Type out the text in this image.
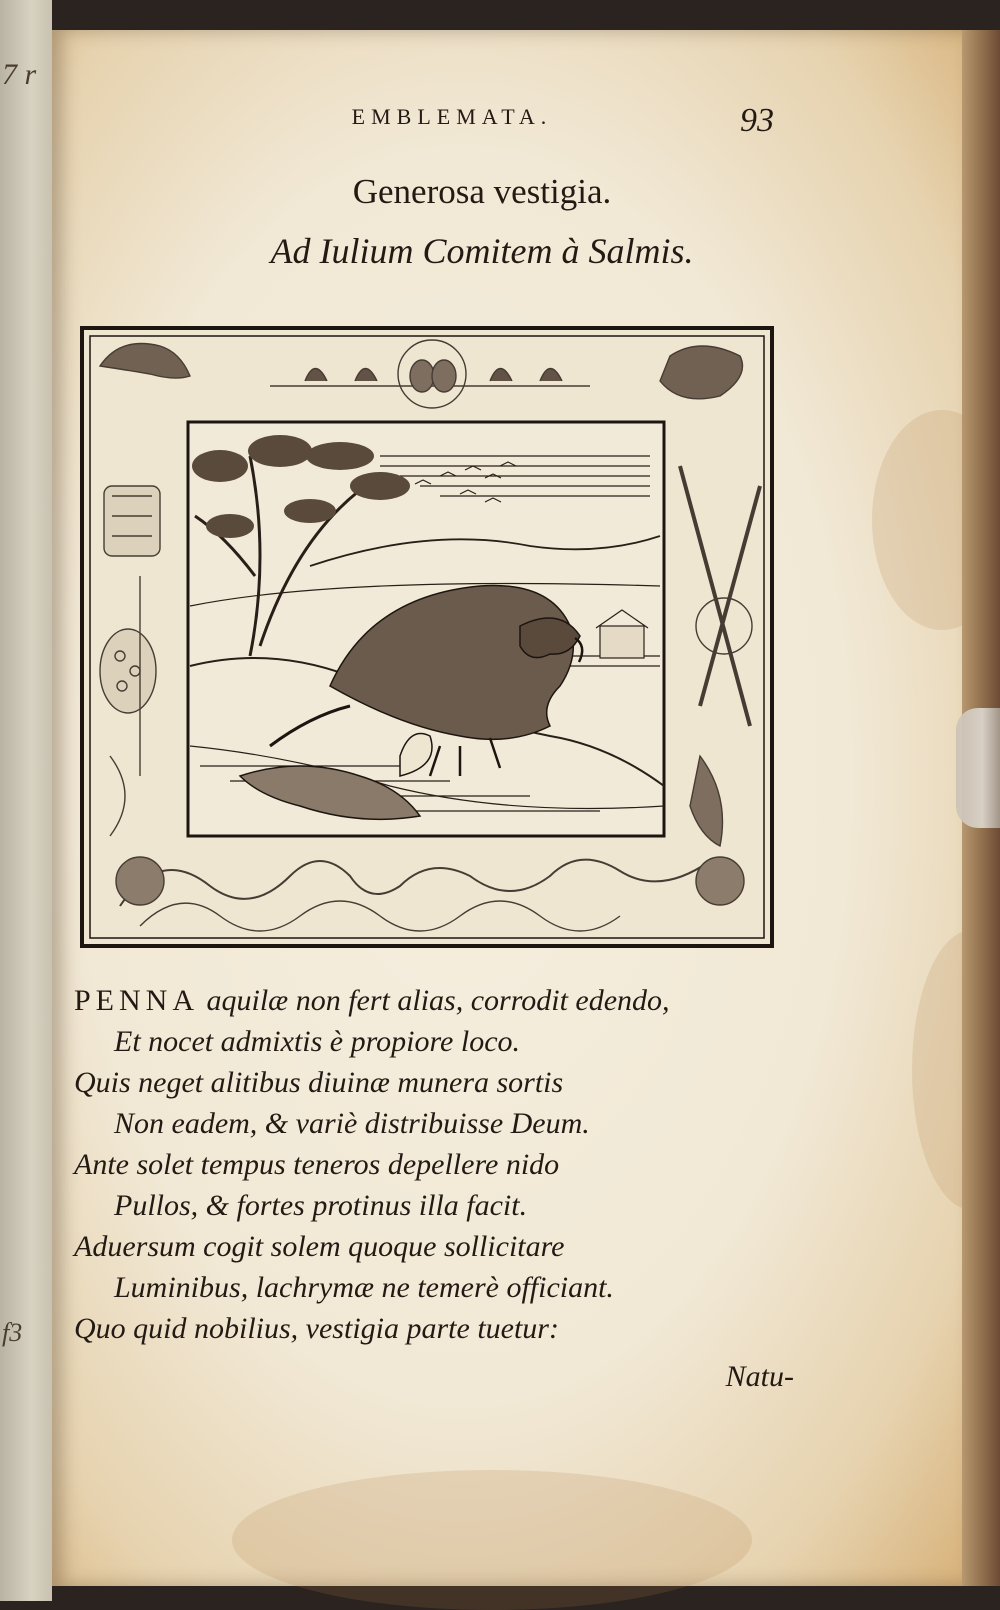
7 r
f3
EMBLEMATA.	93
Generosa vestigia.
Ad Iulium Comitem à Salmis.
PENNA aquilæ non fert alias, corrodit edendo,
Et nocet admixtis è propiore loco.
Quis neget alitibus diuinæ munera sortis
Non eadem, & variè distribuisse Deum.
Ante solet tempus teneros depellere nido
Pullos, & fortes protinus illa facit.
Aduersum cogit solem quoque sollicitare
Luminibus, lachrymæ ne temerè officiant.
Quo quid nobilius, vestigia parte tuetur:
Natu-
